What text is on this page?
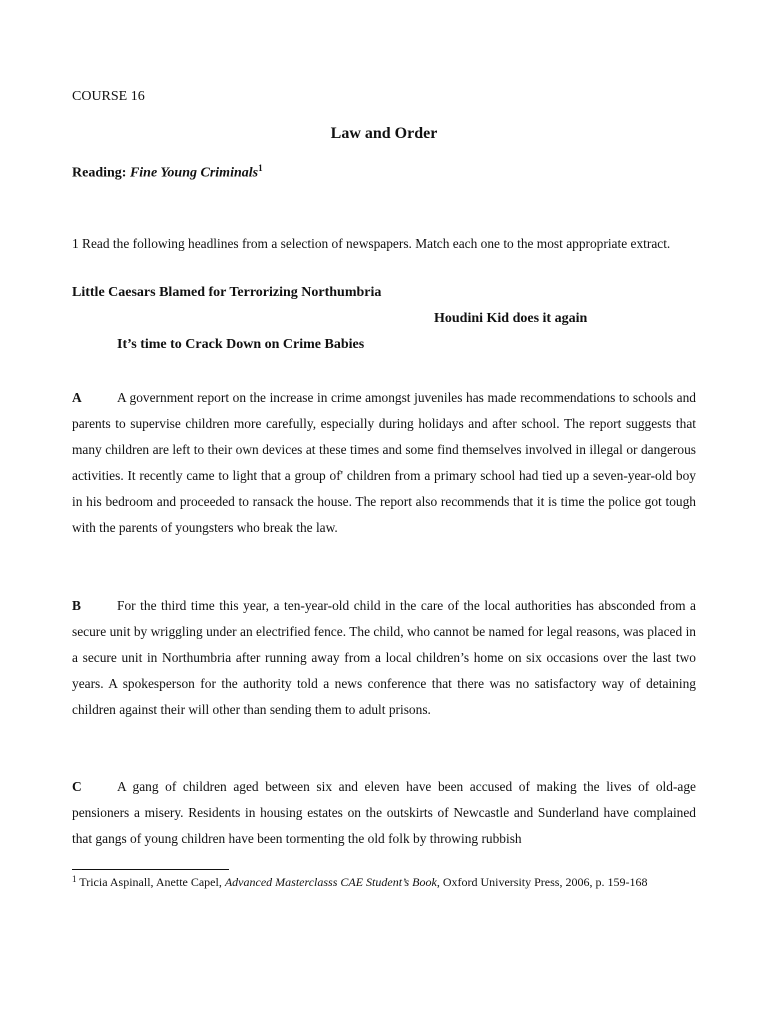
COURSE 16
Law and Order
Reading: Fine Young Criminals$^1$
1 Read the following headlines from a selection of newspapers. Match each one to the most appropriate extract.
Little Caesars Blamed for Terrorizing Northumbria
Houdini Kid does it again
It’s time to Crack Down on Crime Babies
A	A government report on the increase in crime amongst juveniles has made recommendations to schools and parents to supervise children more carefully, especially during holidays and after school. The report suggests that many children are left to their own devices at these times and some find themselves involved in illegal or dangerous activities. It recently came to light that a group of' children from a primary school had tied up a seven-year-old boy in his bedroom and proceeded to ransack the house. The report also recommends that it is time the police got tough with the parents of youngsters who break the law.
B	For the third time this year, a ten-year-old child in the care of the local authorities has absconded from a secure unit by wriggling under an electrified fence. The child, who cannot be named for legal reasons, was placed in a secure unit in Northumbria after running away from a local children’s home on six occasions over the last two years. A spokesperson for the authority told a news conference that there was no satisfactory way of detaining children against their will other than sending them to adult prisons.
C	A gang of children aged between six and eleven have been accused of making the lives of old-age pensioners a misery. Residents in housing estates on the outskirts of Newcastle and Sunderland have complained that gangs of young children have been tormenting the old folk by throwing rubbish
$^1$ Tricia Aspinall, Anette Capel, Advanced Masterclasss CAE Student’s Book, Oxford University Press, 2006, p. 159-168
